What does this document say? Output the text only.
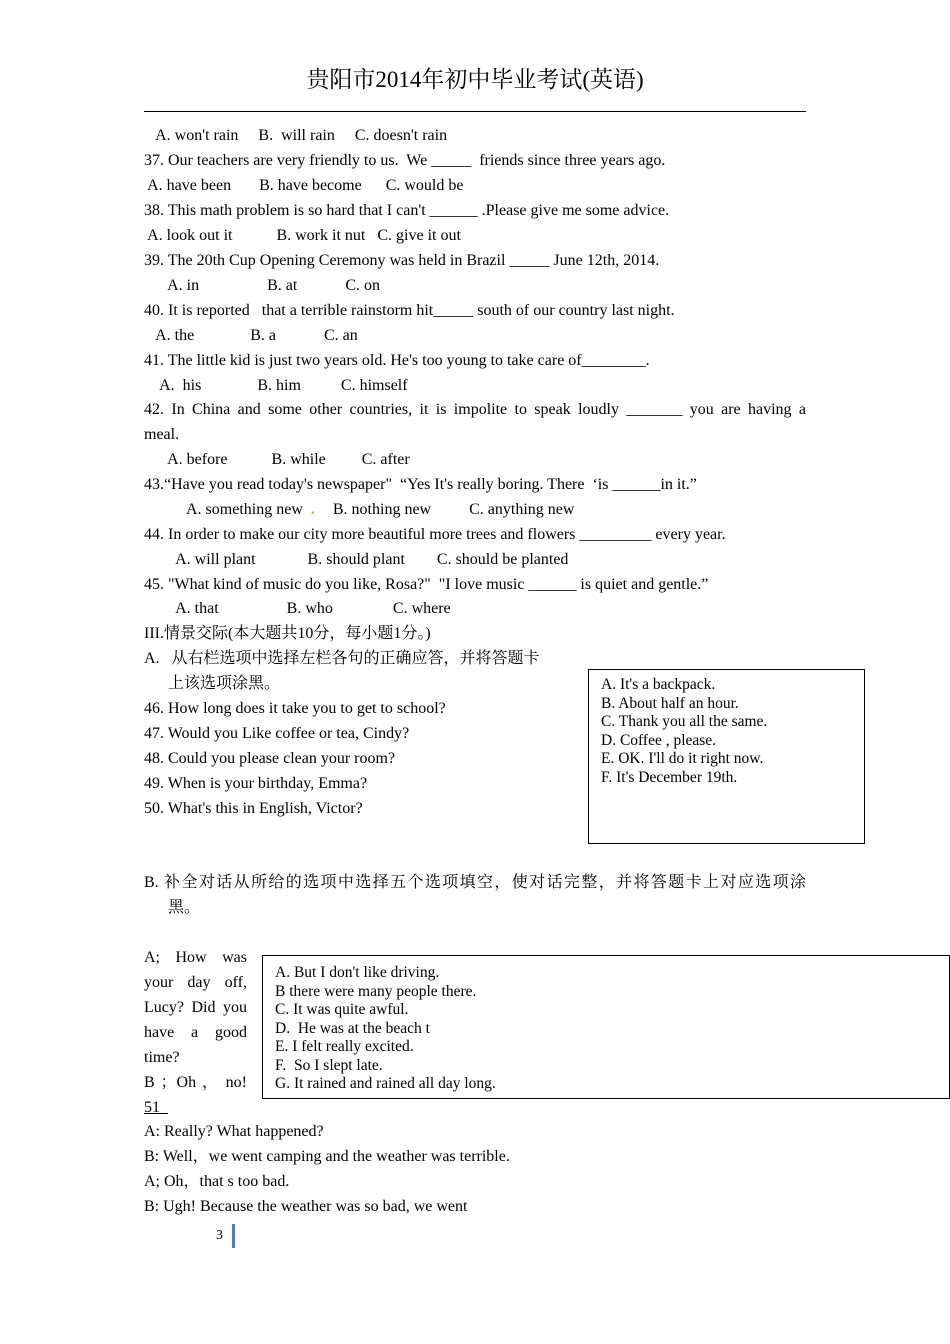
贵阳市2014年初中毕业考试(英语)
A. won't rain     B.  will rain     C. doesn't rain
37. Our teachers are very friendly to us.  We _____  friends since three years ago.
A. have been       B. have become      C. would be
38. This math problem is so hard that I can't ______ .Please give me some advice.
A. look out it           B. work it nut   C. give it out
39. The 20th Cup Opening Ceremony was held in Brazil _____ June 12th, 2014.
A. in                 B. at            C. on
40. It is reported   that a terrible rainstorm hit_____ south of our country last night.
A. the              B. a            C. an
41. The little kid is just two years old. He's too young to take care of________.
A.  his              B. him          C. himself
meal.
A. before           B. while         C. after
43.“Have you read today's newspaper"  “Yes It's really boring. There  ‘is ______in it.”
44. In order to make our city more beautiful more trees and flowers _________ every year.
A. will plant             B. should plant        C. should be planted
45. "What kind of music do you like, Rosa?"  "I love music ______ is quiet and gentle.”
A. that                 B. who               C. where
III.情景交际(本大题共10分，每小题1分。)
A.   从右栏选项中选择左栏各句的正确应答，并将答题卡
上该选项涂黑。
46. How long does it take you to get to school?
47. Would you Like coffee or tea, Cindy?
48. Could you please clean your room?
49. When is your birthday, Emma?
50. What's this in English, Victor?
黑。
A: Really? What happened?
B: Well，we went camping and the weather was terrible.
A; Oh，that s too bad.
B: Ugh! Because the weather was so bad, we went
42. In China and some other countries, it is impolite to speak loudly _______ you are having a
A. something new . B. nothing new C. anything new
A. It's a backpack.
B. About half an hour.
C. Thank you all the same.
D. Coffee , please.
E. OK. I'll do it right now.
F. It's December 19th.
B. 补全对话从所给的选项中选择五个选项填空，使对话完整，并将答题卡上对应选项涂
A; How was
your day off,
Lucy? Did you
have a good
time?
B ；Oh ， no!
51
A. But I don't like driving.
B there were many people there.
C. It was quite awful.
D.  He was at the beach t
E. I felt really excited.
F.  So I slept late.
G. It rained and rained all day long.
3
